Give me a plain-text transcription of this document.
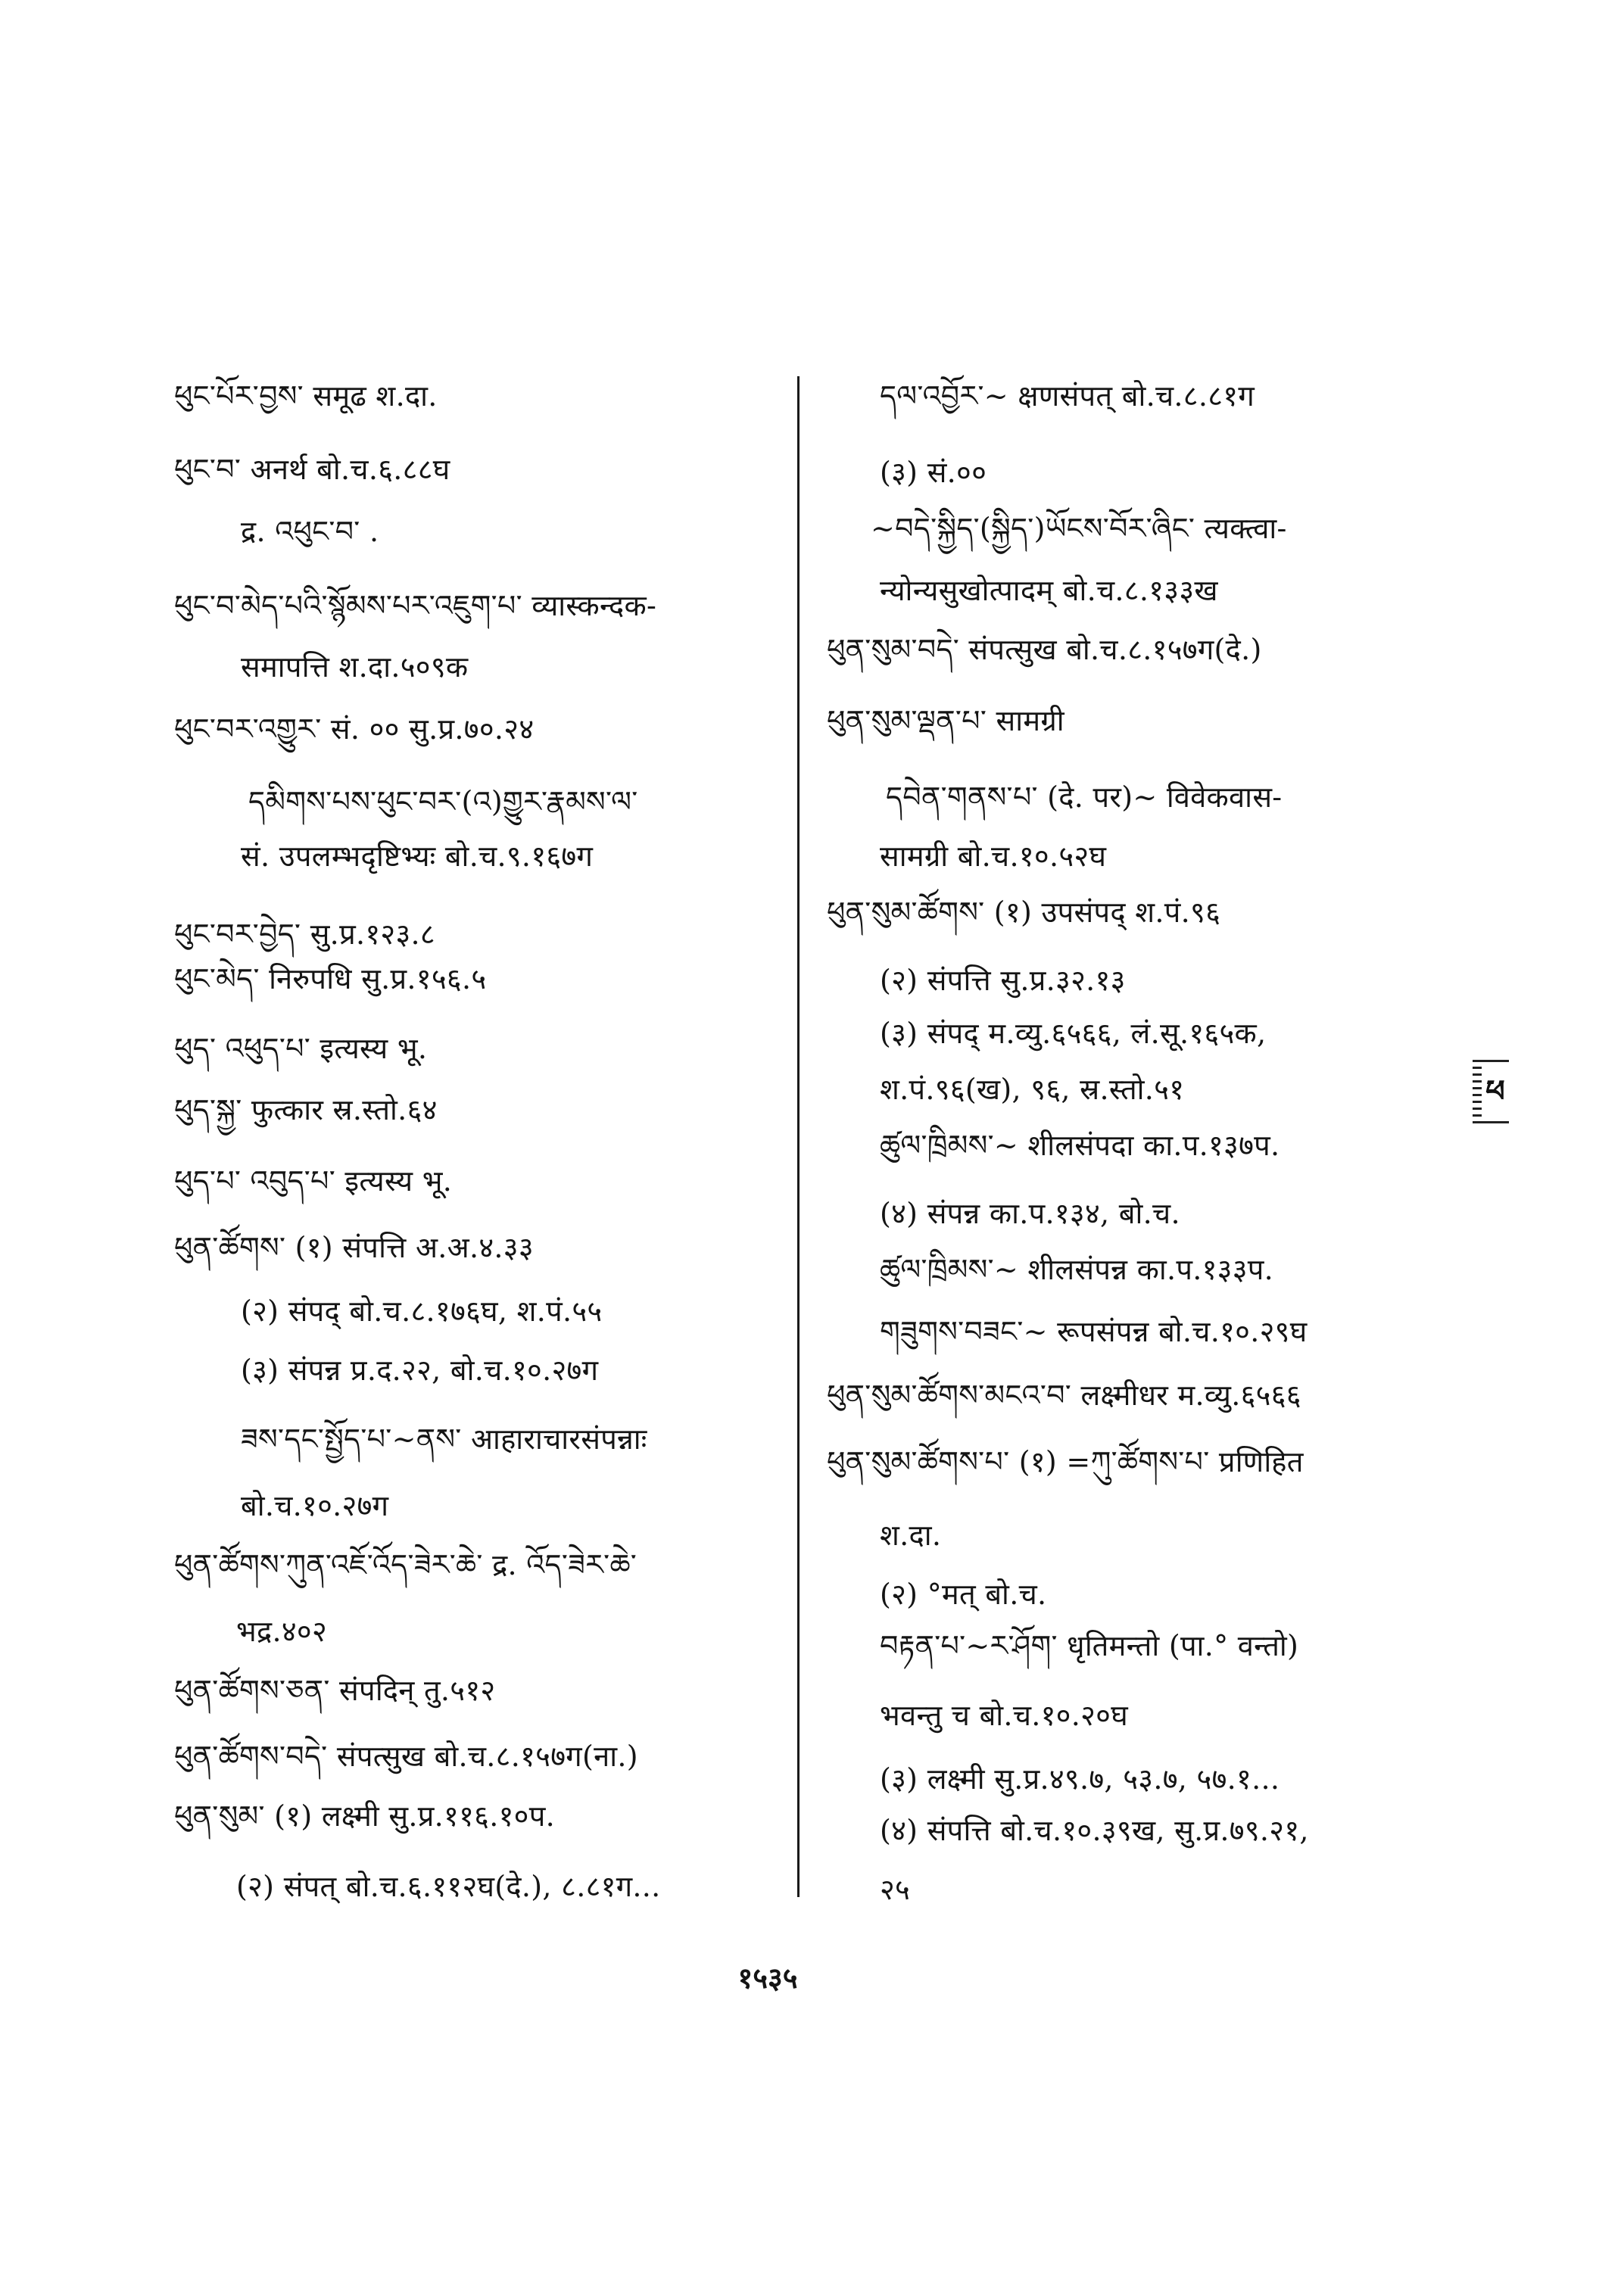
ཕུང་པོར་བྱས་ समूढ श.दा.
ཕུང་བ་ अनर्थ बो.च.६.८८घ
द्र. འཕུང་བ་ .
ཕུང་བ་མེད་པའི་སྙོམས་པར་འཇུག་པ་ व्यास्कन्दक-
समापत्ति श.दा.५०९क
ཕུང་བར་འགྱུར་ सं. ०० सु.प्र.७०.२४
དམིགས་པས་ཕུང་བར་(འ)གྱུར་རྣམས་ལ་
सं. उपलम्भदृष्टिभ्यः बो.च.९.१६७ग
ཕུང་བར་བྱེད་ सु.प्र.१२३.८
ཕུང་མེད་ निरुपधि सु.प्र.१५६.५
ཕུད་ འཕུད་པ་ इत्यस्य भू.
ཕུད་སྐྱ་ फुत्कार स्र.स्तो.६४
ཕུད་པ་ འབུད་པ་ इत्यस्य भू.
ཕུན་ཚོགས་ (१) संपत्ति अ.अ.४.३३
(२) संपद् बो.च.८.१७६घ, श.पं.५५
(३) संपन्न प्र.द.२२, बो.च.१०.२७ग
ཟས་དང་སྤྱོད་པ་~ནས་ आहाराचारसंपन्नाः
बो.च.१०.२७ग
ཕུན་ཚོགས་ཀུན་འཇོ་འོད་ཟེར་ཆེ་ द्र. འོད་ཟེར་ཆེ་
भद्र.४०२
ཕུན་ཚོགས་ཅན་ संपदिन् तु.५१२
ཕུན་ཚོགས་བདེ་ संपत्सुख बो.च.८.१५७ग(ना.)
ཕུན་སུམ་ (१) लक्ष्मी सु.प्र.११६.१०प.
(२) संपत् बो.च.६.११२घ(दे.), ८.८१ग...
དལ་འབྱོར་~ क्षणसंपत् बो.च.८.८१ग
(३) सं.००
~བདེ་སྐྱིད་(སྐྱིད་)ཡོངས་བོར་ཞིང་ त्यक्त्वा-
न्योन्यसुखोत्पादम् बो.च.८.१३३ख
ཕུན་སུམ་བདེ་ संपत्सुख बो.च.८.१५७ग(दे.)
ཕུན་སུམ་ལྡན་པ་ सामग्री
དབེན་གནས་པ་ (दे. पर)~ विवेकवास-
सामग्री बो.च.१०.५२घ
ཕུན་སུམ་ཚོགས་ (१) उपसंपद् श.पं.९६
(२) संपत्ति सु.प्र.३२.१३
(३) संपद् म.व्यु.६५६६, लं.सू.१६५क,
श.पं.९६(ख), ९६, स्र.स्तो.५१
ཚུལ་ཁྲིམས་~ शीलसंपदा का.प.१३७प.
(४) संपन्न का.प.१३४, बो.च.
ཚུལ་ཁྲིམས་~ शीलसंपन्न का.प.१३३प.
གཟུགས་བཟང་~ रूपसंपन्न बो.च.१०.२९घ
ཕུན་སུམ་ཚོགས་མངའ་བ་ लक्ष्मीधर म.व्यु.६५६६
ཕུན་སུམ་ཚོགས་པ་ (१) =ཀུ་ཚོགས་པ་ प्रणिहित
श.दा.
(२) °मत् बो.च.
བརྟན་པ་~ར་ཤོག་ धृतिमन्तो (पा.° वन्तो)
भवन्तु च बो.च.१०.२०घ
(३) लक्ष्मी सु.प्र.४९.७, ५३.७, ५७.१...
(४) संपत्ति बो.च.१०.३९ख, सु.प्र.७९.२१,
२५
ཕ
१५३५
